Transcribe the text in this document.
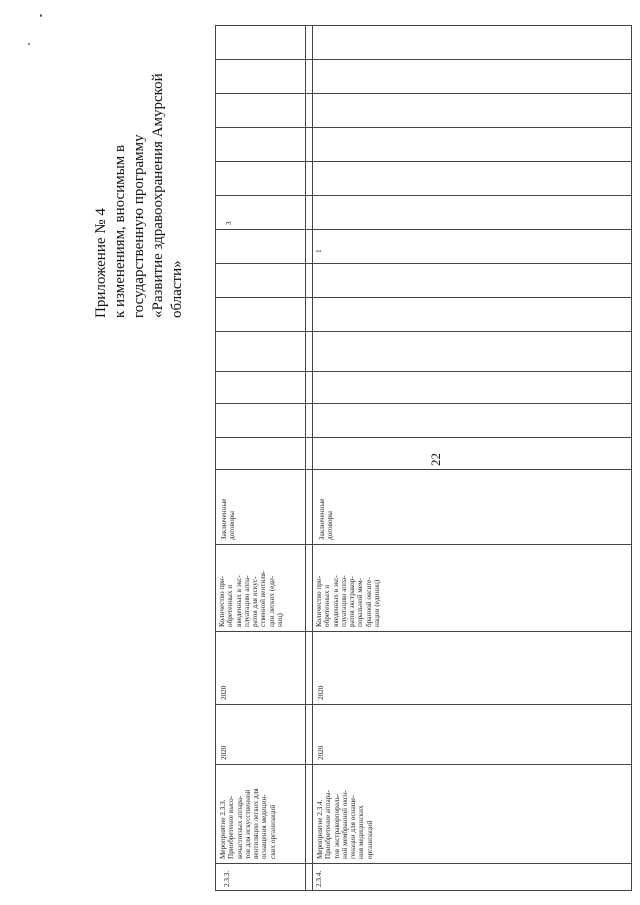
Приложение № 4 к изменениям, вносимым в государственную программу «Развитие здравоохранения Амурской области»
22
2.3.3.
Мероприятие 2.3.3. Приобретение высо- кочастотных аппара- тов для искусственной вентиляции легких для оснащения медицин- ских организаций
2020
2020
Количество при- обретенных и введенных в экс- плуатацию аппа- ратов для искус- ственной вентиля- ции легких (еди- ниц)
Заключенные договоры
3
2.3.4.
Мероприятие 2.3.4. Приобретение аппара- тов экстракорпораль- ной мембранной окси- генации для оснаще- ния медицинских организаций
2020
2020
Количество при- обретенных и введенных в экс- плуатацию аппа- ратов экстракор- поральной мем- бранной оксиге- нации (единиц)
Заключенные договоры
1
